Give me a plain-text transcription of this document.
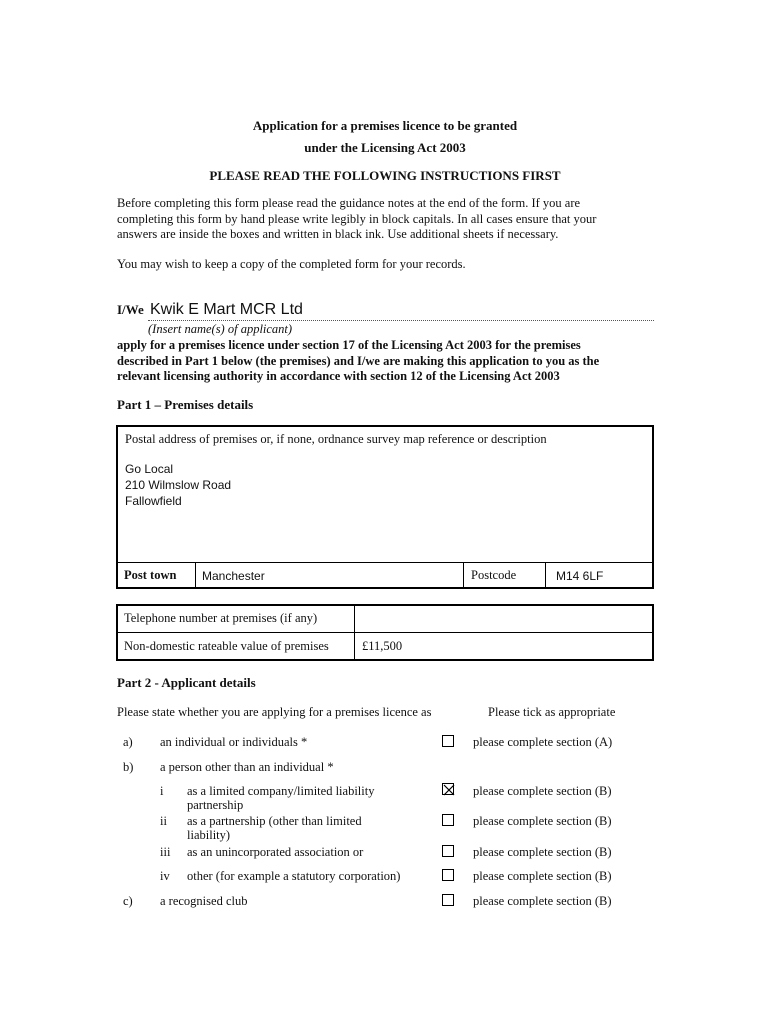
Application for a premises licence to be granted
under the Licensing Act 2003
PLEASE READ THE FOLLOWING INSTRUCTIONS FIRST
Before completing this form please read the guidance notes at the end of the form. If you are
completing this form by hand please write legibly in block capitals. In all cases ensure that your
answers are inside the boxes and written in black ink. Use additional sheets if necessary.
You may wish to keep a copy of the completed form for your records.
I/We Kwik E Mart MCR Ltd
(Insert name(s) of applicant)
apply for a premises licence under section 17 of the Licensing Act 2003 for the premises
described in Part 1 below (the premises) and I/we are making this application to you as the
relevant licensing authority in accordance with section 12 of the Licensing Act 2003
Part 1 – Premises details
Postal address of premises or, if none, ordnance survey map reference or description
Go Local
210 Wilmslow Road
Fallowfield
Post town Manchester	Postcode	M14 6LF
Telephone number at premises (if any)
Non-domestic rateable value of premises	£11,500
Part 2 - Applicant details
Please state whether you are applying for a premises licence as	Please tick as appropriate
a) an individual or individuals *	please complete section (A)
b) a person other than an individual *
i as a limited company/limited liability
partnership
please complete section (B)
ii as a partnership (other than limited
liability)
please complete section (B)
iii as an unincorporated association or	please complete section (B)
iv other (for example a statutory corporation)	please complete section (B)
c) a recognised club	please complete section (B)
